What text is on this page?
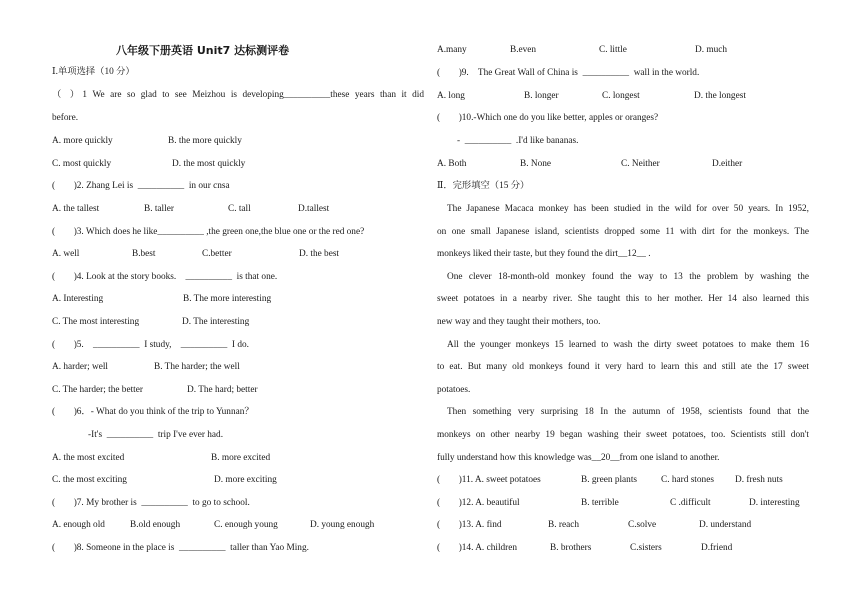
八年级下册英语 Unit7 达标测评卷
Ⅰ.单项选择（10 分）
（ ）1 We are so glad to see Meizhou is developing__________these years than it did
before.

A. more quickly

	B. the more quickly

C. most quickly

	D. the most quickly

(        )2. Zhang Lei is  __________  in our cnsa

A. the tallest

	B. taller

	C. tall

	D.tallest

(        )3. Which does he like__________ ,the green one,the blue one or the red one?

A. well

	B.best

	C.better

	D. the best

(        )4. Look at the story books.    __________  is that one.

A. Interesting

	B. The more interesting

C. The most interesting

	D. The interesting

(        )5.    __________  I study,    __________  I do.

A. harder; well

	B. The harder; the well

C. The harder; the better

	D. The hard; better

(        )6．- What do you think of the trip to Yunnan？
-It's  __________  trip I've ever had.

A. the most excited

	B. more excited

C. the most exciting

	D. more exciting

(        )7. My brother is  __________  to go to school.

A. enough old

	B.old enough

	C. enough young

	D. young enough

(        )8. Someone in the place is  __________  taller than Yao Ming.

A.many

	B.even

	C. little

	D. much

(        )9.    The Great Wall of China is  __________  wall in the world.

A. long

	B. longer

	C. longest

	D. the longest

(        )10.-Which one do you like better, apples or oranges?
-  __________  .I'd like bananas.

A. Both

	B. None

	C. Neither

	D.either

Ⅱ．完形填空（15 分）
The Japanese Macaca monkey has been studied in the wild for over 50 years. In 1952,
on one small Japanese island, scientists dropped some 11 with dirt for the monkeys. The
monkeys liked their taste, but they found the dirt__12__ .
One clever 18-month-old monkey found the way to 13 the problem by washing the
sweet potatoes in a nearby river. She taught this to her mother. Her 14 also learned this
new way and they taught their mothers, too.
All the younger monkeys 15 learned to wash the dirty sweet potatoes to make them 16
to eat. But many old monkeys found it very hard to learn this and still ate the 17 sweet
potatoes.
Then something very surprising 18 In the autumn of 1958, scientists found that the
monkeys on other nearby 19 began washing their sweet potatoes, too. Scientists still don't
fully understand how this knowledge was__20__from one island to another.

(        )11. A. sweet potatoes

	B. green plants

	C. hard stones

D. fresh nuts

(        )12. A. beautiful

	B. terrible

	C .difficult

	D. interesting

(        )13. A. find

	B. reach

	C.solve

	D. understand

(        )14. A. children

	B. brothers

	C.sisters

	D.friend
